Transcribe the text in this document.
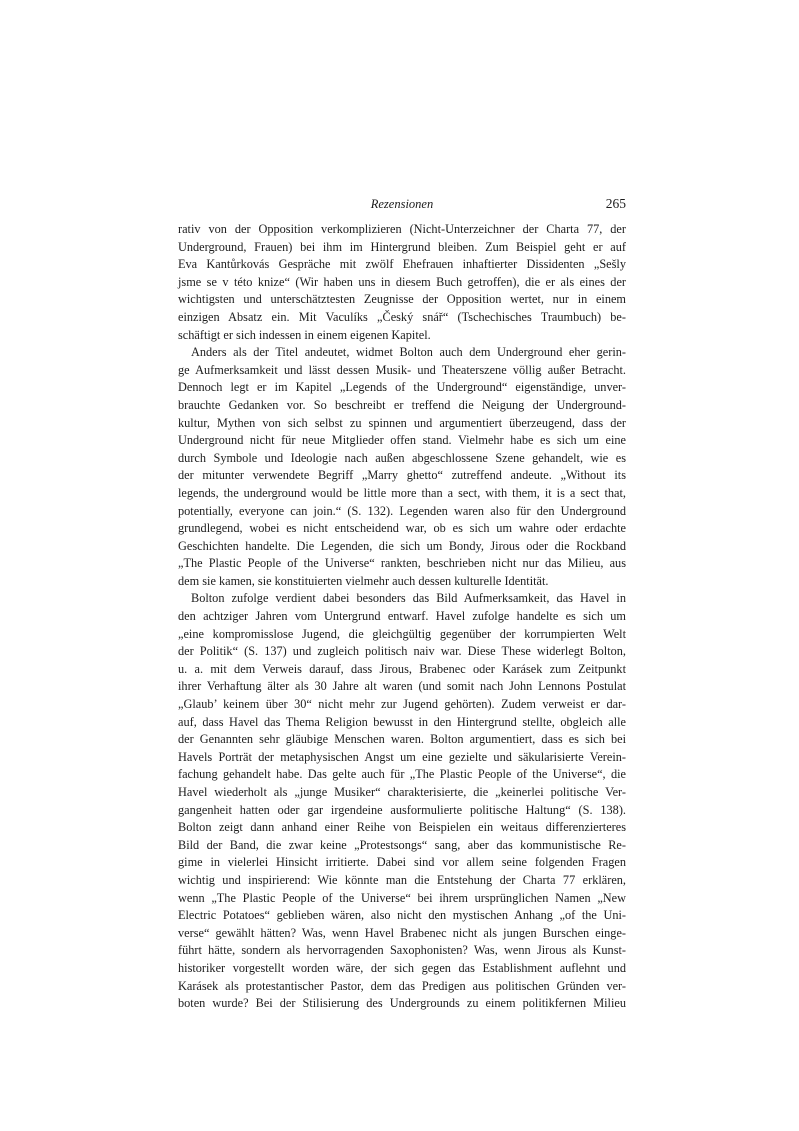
Rezensionen	265
rativ von der Opposition verkomplizieren (Nicht-Unterzeichner der Charta 77, der
Underground, Frauen) bei ihm im Hintergrund bleiben. Zum Beispiel geht er auf
Eva Kantůrkovás Gespräche mit zwölf Ehefrauen inhaftierter Dissidenten „Sešly
jsme se v této knize“ (Wir haben uns in diesem Buch getroffen), die er als eines der
wichtigsten und unterschätztesten Zeugnisse der Opposition wertet, nur in einem
einzigen Absatz ein. Mit Vaculíks „Český snář“ (Tschechisches Traumbuch) be-
schäftigt er sich indessen in einem eigenen Kapitel.
Anders als der Titel andeutet, widmet Bolton auch dem Underground eher gerin-
ge Aufmerksamkeit und lässt dessen Musik- und Theaterszene völlig außer Betracht.
Dennoch legt er im Kapitel „Legends of the Underground“ eigenständige, unver-
brauchte Gedanken vor. So beschreibt er treffend die Neigung der Underground-
kultur, Mythen von sich selbst zu spinnen und argumentiert überzeugend, dass der
Underground nicht für neue Mitglieder offen stand. Vielmehr habe es sich um eine
durch Symbole und Ideologie nach außen abgeschlossene Szene gehandelt, wie es
der mitunter verwendete Begriff „Marry ghetto“ zutreffend andeute. „Without its
legends, the underground would be little more than a sect, with them, it is a sect that,
potentially, everyone can join.“ (S. 132). Legenden waren also für den Underground
grundlegend, wobei es nicht entscheidend war, ob es sich um wahre oder erdachte
Geschichten handelte. Die Legenden, die sich um Bondy, Jirous oder die Rockband
„The Plastic People of the Universe“ rankten, beschrieben nicht nur das Milieu, aus
dem sie kamen, sie konstituierten vielmehr auch dessen kulturelle Identität.
Bolton zufolge verdient dabei besonders das Bild Aufmerksamkeit, das Havel in
den achtziger Jahren vom Untergrund entwarf. Havel zufolge handelte es sich um
„eine kompromisslose Jugend, die gleichgültig gegenüber der korrumpierten Welt
der Politik“ (S. 137) und zugleich politisch naiv war. Diese These widerlegt Bolton,
u. a. mit dem Verweis darauf, dass Jirous, Brabenec oder Karásek zum Zeitpunkt
ihrer Verhaftung älter als 30 Jahre alt waren (und somit nach John Lennons Postulat
„Glaub’ keinem über 30“ nicht mehr zur Jugend gehörten). Zudem verweist er dar-
auf, dass Havel das Thema Religion bewusst in den Hintergrund stellte, obgleich alle
der Genannten sehr gläubige Menschen waren. Bolton argumentiert, dass es sich bei
Havels Porträt der metaphysischen Angst um eine gezielte und säkularisierte Verein-
fachung gehandelt habe. Das gelte auch für „The Plastic People of the Universe“, die
Havel wiederholt als „junge Musiker“ charakterisierte, die „keinerlei politische Ver-
gangenheit hatten oder gar irgendeine ausformulierte politische Haltung“ (S. 138).
Bolton zeigt dann anhand einer Reihe von Beispielen ein weitaus differenzierteres
Bild der Band, die zwar keine „Protestsongs“ sang, aber das kommunistische Re-
gime in vielerlei Hinsicht irritierte. Dabei sind vor allem seine folgenden Fragen
wichtig und inspirierend: Wie könnte man die Entstehung der Charta 77 erklären,
wenn „The Plastic People of the Universe“ bei ihrem ursprünglichen Namen „New
Electric Potatoes“ geblieben wären, also nicht den mystischen Anhang „of the Uni-
verse“ gewählt hätten? Was, wenn Havel Brabenec nicht als jungen Burschen einge-
führt hätte, sondern als hervorragenden Saxophonisten? Was, wenn Jirous als Kunst-
historiker vorgestellt worden wäre, der sich gegen das Establishment auflehnt und
Karásek als protestantischer Pastor, dem das Predigen aus politischen Gründen ver-
boten wurde? Bei der Stilisierung des Undergrounds zu einem politikfernen Milieu
